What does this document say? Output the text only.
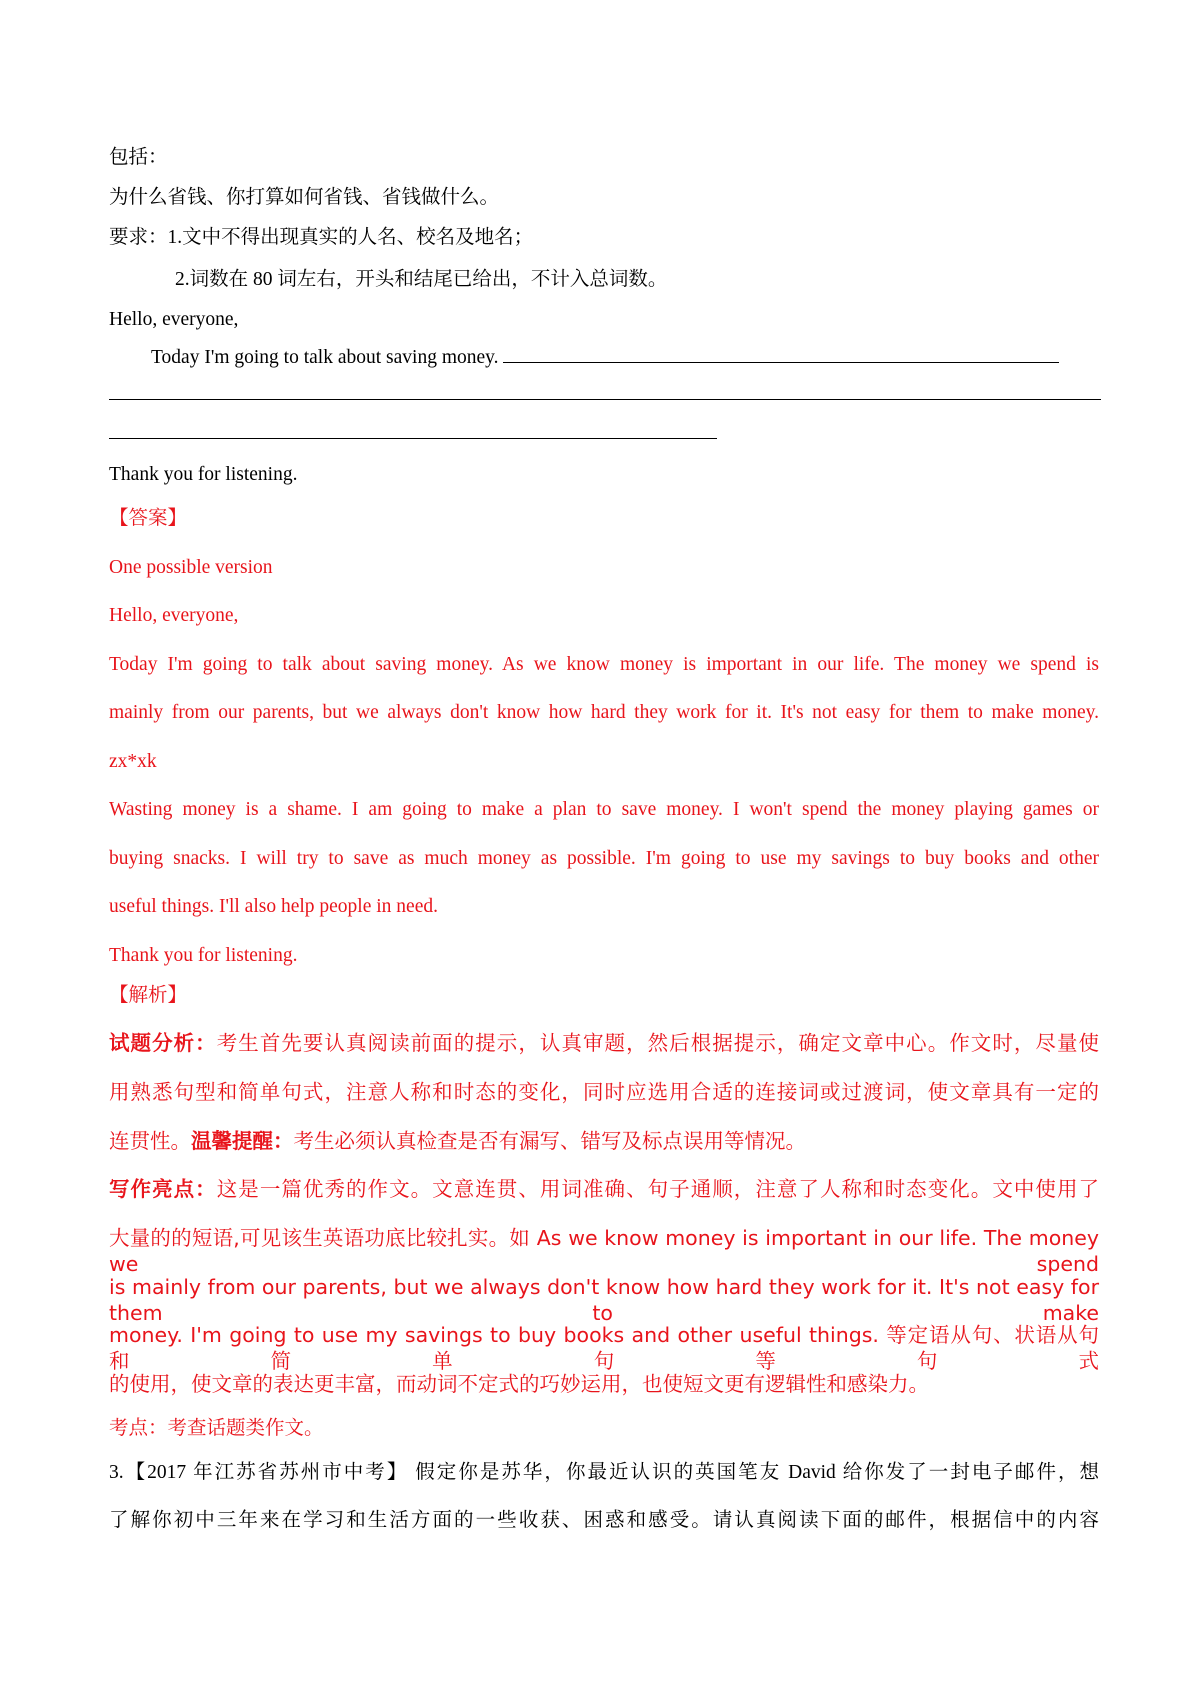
包括：
为什么省钱、你打算如何省钱、省钱做什么。
要求：1.文中不得出现真实的人名、校名及地名；
2.词数在 80 词左右，开头和结尾已给出，不计入总词数。
Hello, everyone,
Today I'm going to talk about saving money.
Thank you for listening.
【答案】
One possible version
Hello, everyone,
Today I'm going to talk about saving money. As we know money is important in our life. The money we spend is
mainly from our parents, but we always don't know how hard they work for it. It's not easy for them to make money.
zx*xk
Wasting money is a shame. I am going to make a plan to save money. I won't spend the money playing games or
buying snacks. I will try to save as much money as possible. I'm going to use my savings to buy books and other
useful things. I'll also help people in need.
Thank you for listening.
【解析】
试题分析：考生首先要认真阅读前面的提示，认真审题，然后根据提示，确定文章中心。作文时，尽量使
用熟悉句型和简单句式，注意人称和时态的变化，同时应选用合适的连接词或过渡词，使文章具有一定的
连贯性。温馨提醒：考生必须认真检查是否有漏写、错写及标点误用等情况。
写作亮点：这是一篇优秀的作文。文意连贯、用词准确、句子通顺，注意了人称和时态变化。文中使用了
大量的的短语,可见该生英语功底比较扎实。如 As we know money is important in our life. The money we spend
is mainly from our parents, but we always don't know how hard they work for it. It's not easy for them to make
money. I'm going to use my savings to buy books and other useful things. 等定语从句、状语从句和简单句等句式
的使用，使文章的表达更丰富，而动词不定式的巧妙运用，也使短文更有逻辑性和感染力。
考点：考查话题类作文。
3.【2017 年江苏省苏州市中考】 假定你是苏华，你最近认识的英国笔友 David 给你发了一封电子邮件，想
了解你初中三年来在学习和生活方面的一些收获、困惑和感受。请认真阅读下面的邮件，根据信中的内容
